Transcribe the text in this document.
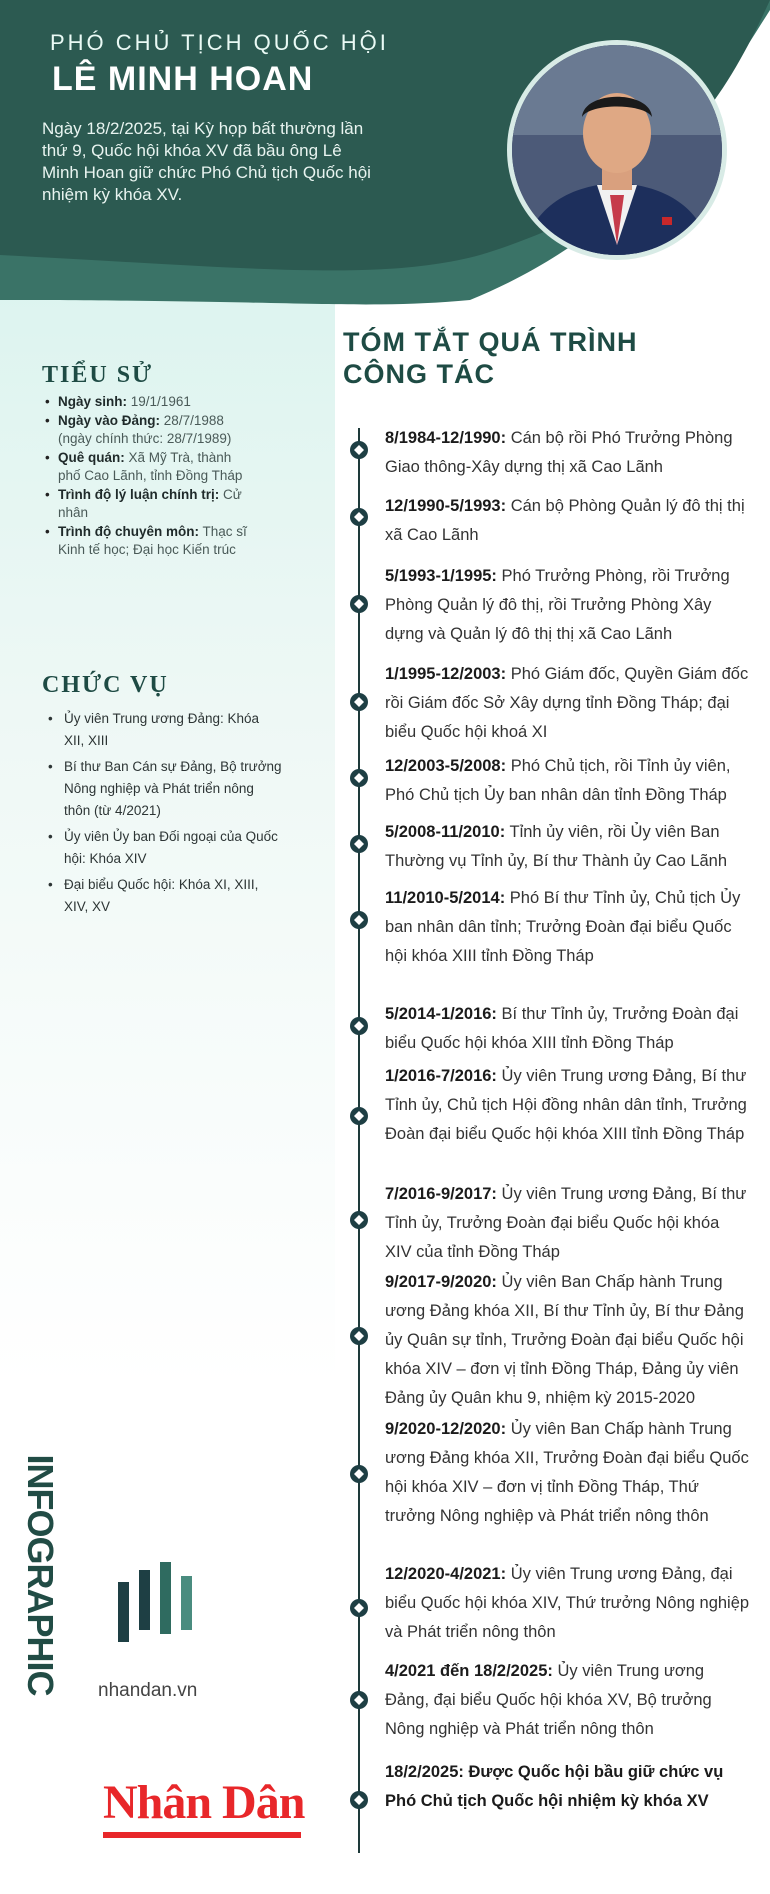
PHÓ CHỦ TỊCH QUỐC HỘI
LÊ MINH HOAN
Ngày 18/2/2025, tại Kỳ họp bất thường lần thứ 9, Quốc hội khóa XV đã bầu ông Lê Minh Hoan giữ chức Phó Chủ tịch Quốc hội nhiệm kỳ khóa XV.
TIỂU SỬ
• Ngày sinh: 19/1/1961
• Ngày vào Đảng: 28/7/1988 (ngày chính thức: 28/7/1989)
• Quê quán: Xã Mỹ Trà, thành phố Cao Lãnh, tỉnh Đồng Tháp
• Trình độ lý luận chính trị: Cử nhân
• Trình độ chuyên môn: Thạc sĩ Kinh tế học; Đại học Kiến trúc
CHỨC VỤ
• Ủy viên Trung ương Đảng: Khóa XII, XIII
• Bí thư Ban Cán sự Đảng, Bộ trưởng Nông nghiệp và Phát triển nông thôn (từ 4/2021)
• Ủy viên Ủy ban Đối ngoại của Quốc hội: Khóa XIV
• Đại biểu Quốc hội: Khóa XI, XIII, XIV, XV
TÓM TẮT QUÁ TRÌNH
CÔNG TÁC
8/1984-12/1990: Cán bộ rồi Phó Trưởng Phòng Giao thông-Xây dựng thị xã Cao Lãnh
12/1990-5/1993: Cán bộ Phòng Quản lý đô thị thị xã Cao Lãnh
5/1993-1/1995: Phó Trưởng Phòng, rồi Trưởng Phòng Quản lý đô thị, rồi Trưởng Phòng Xây dựng và Quản lý đô thị thị xã Cao Lãnh
1/1995-12/2003: Phó Giám đốc, Quyền Giám đốc rồi Giám đốc Sở Xây dựng tỉnh Đồng Tháp; đại biểu Quốc hội khoá XI
12/2003-5/2008: Phó Chủ tịch, rồi Tỉnh ủy viên, Phó Chủ tịch Ủy ban nhân dân tỉnh Đồng Tháp
5/2008-11/2010: Tỉnh ủy viên, rồi Ủy viên Ban Thường vụ Tỉnh ủy, Bí thư Thành ủy Cao Lãnh
11/2010-5/2014: Phó Bí thư Tỉnh ủy, Chủ tịch Ủy ban nhân dân tỉnh; Trưởng Đoàn đại biểu Quốc hội khóa XIII tỉnh Đồng Tháp
5/2014-1/2016: Bí thư Tỉnh ủy, Trưởng Đoàn đại biểu Quốc hội khóa XIII tỉnh Đồng Tháp
1/2016-7/2016: Ủy viên Trung ương Đảng, Bí thư Tỉnh ủy, Chủ tịch Hội đồng nhân dân tỉnh, Trưởng Đoàn đại biểu Quốc hội khóa XIII tỉnh Đồng Tháp
7/2016-9/2017: Ủy viên Trung ương Đảng, Bí thư Tỉnh ủy, Trưởng Đoàn đại biểu Quốc hội khóa XIV của tỉnh Đồng Tháp
9/2017-9/2020: Ủy viên Ban Chấp hành Trung ương Đảng khóa XII, Bí thư Tỉnh ủy, Bí thư Đảng ủy Quân sự tỉnh, Trưởng Đoàn đại biểu Quốc hội khóa XIV – đơn vị tỉnh Đồng Tháp, Đảng ủy viên Đảng ủy Quân khu 9, nhiệm kỳ 2015-2020
9/2020-12/2020: Ủy viên Ban Chấp hành Trung ương Đảng khóa XII, Trưởng Đoàn đại biểu Quốc hội khóa XIV – đơn vị tỉnh Đồng Tháp, Thứ trưởng Nông nghiệp và Phát triển nông thôn
12/2020-4/2021: Ủy viên Trung ương Đảng, đại biểu Quốc hội khóa XIV, Thứ trưởng Nông nghiệp và Phát triển nông thôn
4/2021 đến 18/2/2025: Ủy viên Trung ương Đảng, đại biểu Quốc hội khóa XV, Bộ trưởng Nông nghiệp và Phát triển nông thôn
18/2/2025: Được Quốc hội bầu giữ chức vụ Phó Chủ tịch Quốc hội nhiệm kỳ khóa XV
INFOGRAPHIC nhandan.vn
Nhân Dân
